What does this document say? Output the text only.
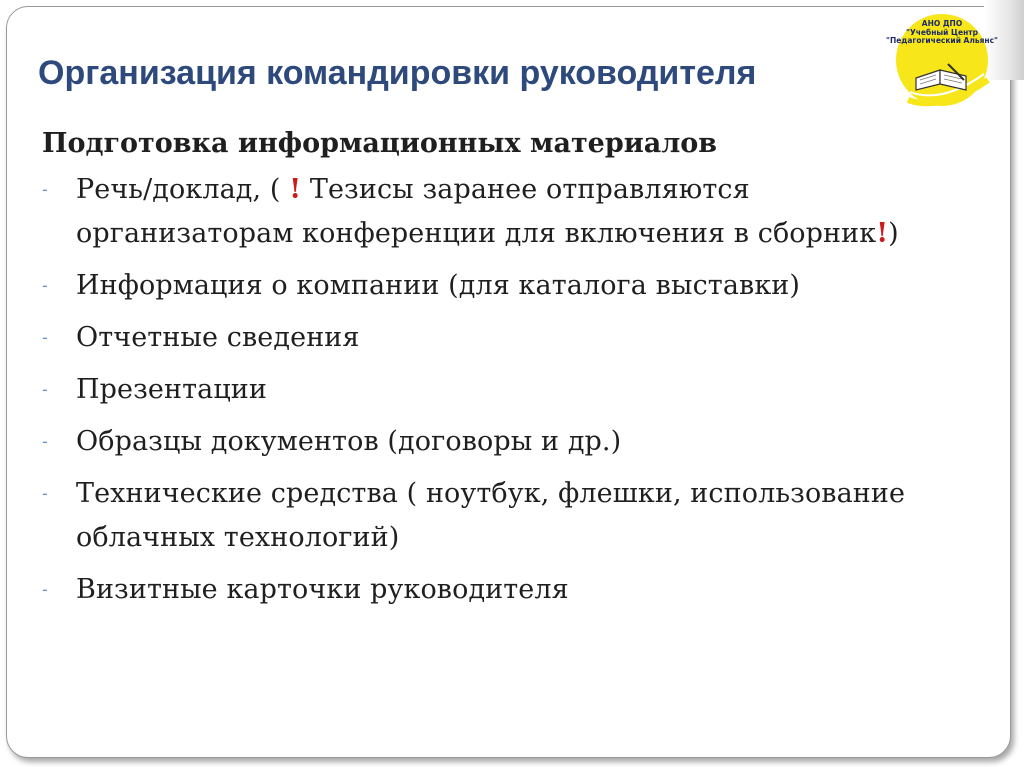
Организация командировки руководителя
АНО ДПО
"Учебный Центр
"Педагогический Альянс"

Подготовка информационных материалов

-	Речь/доклад, ( ! Тезисы заранее отправляются организаторам конференции для включения в сборник!)
-	Информация о компании (для каталога выставки)
-	Отчетные сведения
-	Презентации
-	Образцы документов (договоры и др.)
-	Технические средства ( ноутбук, флешки, использование облачных технологий)
-	Визитные карточки руководителя
